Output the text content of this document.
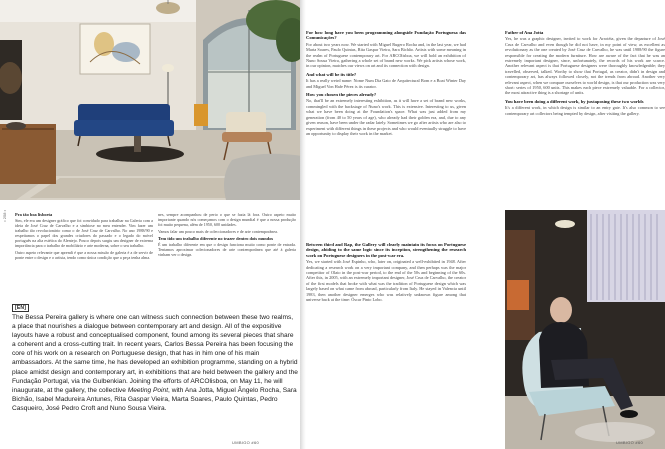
• 258 •	Pra tão boa lisboeta

Sim, ele era um designer gráfico que foi convidado para trabalhar na Galeria com a ideia de José Cruz de Carvalho e a simbiose no meu entender. Vim fazer um trabalho tão revolucionário como o de José Cruz de Carvalho. No ano 1988/90 e respeitamos o papel dos grandes criadores do passado e o legado do móvel português na alta estética do Alentejo. Pouco depois surgiu um designer de extrema importância para o trabalho de mobiliário e arte moderna, sobre o seu trabalho.

Outro aspeto relevante que aprendi é que a nossa missão de galeria é a de servir de ponte entre o design e o artista, tendo como única condição que a peça tenha alma.

nes, sempre acompanhou de perto o que se fazia lá fora. Outro aspeto muito importante quando nós começamos com o design mundial é que a nossa produção foi muito pequena, além de 1950, 600 unidades.

Vamos falar um pouco mais de coleccionadores e de arte contemporânea.

Tem tido um trabalho diferente no trazer dentro dois mundos

É um trabalho diferente em que o design funciona muito como ponte de entrada. Tentamos aproximar colecionadores de arte contemporânea que até à galeria vinham ver o design.

[EN]
The Bessa Pereira gallery is where one can witness such connection between these two realms, a place that nourishes a dialogue between contemporary art and design. All of the expositive layouts have a robust and conceptualised component, found among its several pieces that share a coherent and a cross-cutting trait. In recent years, Carlos Bessa Pereira has been focusing the core of his work on a research on Portuguese design, that has in him one of his main ambassadors. At the same time, he has developed an exhibition programme, standing on a hybrid place amidst design and contemporary art, in exhibitions that are held between the gallery and the Fundação Portugal, via the Gulbenkian. Joining the efforts of ARCOlisboa, on May 11, he will inaugurate, at the gallery, the collective Meeting Point, with Ana Jotta, Miguel Ângelo Rocha, Sara Bichão, Isabel Madureira Antunes, Rita Gaspar Vieira, Marta Soares, Paulo Quintas, Pedro Casqueiro, José Pedro Croft and Nuno Sousa Vieira.
UMBIGO #60
For how long have you been programming alongside Fundação Portuguesa das Comunicações?

For about two years now. We started with Miguel Rugero Rocha and, in the last year, we had Marta Soares, Paulo Quintas, Rita Gaspar Vieira, Sara Bichão. Artists with some meaning in the realm of Portuguese contemporary art. For ARCOlisboa, we will hold an exhibition of Nuno Sousa Vieira, gathering a whole set of brand new works. We pick artists whose work, in our opinion, matches our views on art and its connection with design.

And what will be its title?

It has a really weird name: Nome Num Dia Gato de Arquitectural Bom e a Boat Winter Day and Miguel Von Hafe Pérez is its curator.

How you chosen the pieces already?

No, that'll be an extremely interesting exhibition, as it will have a set of brand new works, commingled with the backstage of Nuno's work. This is extensive. Interesting to us, given what we have been doing at the Foundation's space. What was just added from my generation (from 40 to 50 years of age), who already had their golden era, and, due to any given reason, have been under the radar lately. Sometimes we go after artists who are also to experiment with different things in these projects and who would eventually struggle to have an opportunity to display their work in the market.

Between third and Rap, the Gallery will clearly maintain its focus on Portuguese design, abiding to the same logic since its inception, strengthening the research work on Portuguese designers in the post-war era.

Yes, we started with José Espinho, who, later on, originated a well-exhibited in 1948. After dedicating a research work on a very important company, and then perhaps was the major competitor of Olaio in the post-war period, to the end of the 50s and beginning of the 60s. After this, in 2005, with an extremely important designer, José Cruz de Carvalho, the creator of the first models that broke with what was the tradition of Portuguese design which was largely based on what came from abroad, particularly from Italy. He stayed in Valencia until 1983, then another designer emerges who was relatively unknown figure among that universe back at the time: Óscar Pinto Lobo.

Father of Ana Jotta

Yes, he was a graphic designer, invited to work for Arrotéia, given the departure of José Cruz de Carvalho and even though he did not have, in my point of view, as excellent as revolutionary as the one created by José Cruz de Carvalho, he was until 1988/90 the figure responsible for creating the modern furniture. How are aware of the fact that he was an extremely important designer, since, unfortunately, the records of his work are scarce. Another relevant aspect is that Portuguese designers were thoroughly knowledgeable; they travelled, observed, talked. Worthy to show that Portugal, as creator, didn't in design and contemporary art, has always followed closely, not the trends from abroad. Another very relevant aspect, when we compare ourselves to world design, is that our production was very short: series of 1950, 600 units. This makes each piece extremely valuable. For a collector, the most attractive thing is a shortage of units.

You have been doing a different work, by juxtaposing these two worlds

It's a different work, in which design is similar to an entry gate. It's also common to see contemporary art collectors being tempted by design, after visiting the gallery.

UMBIGO #60
